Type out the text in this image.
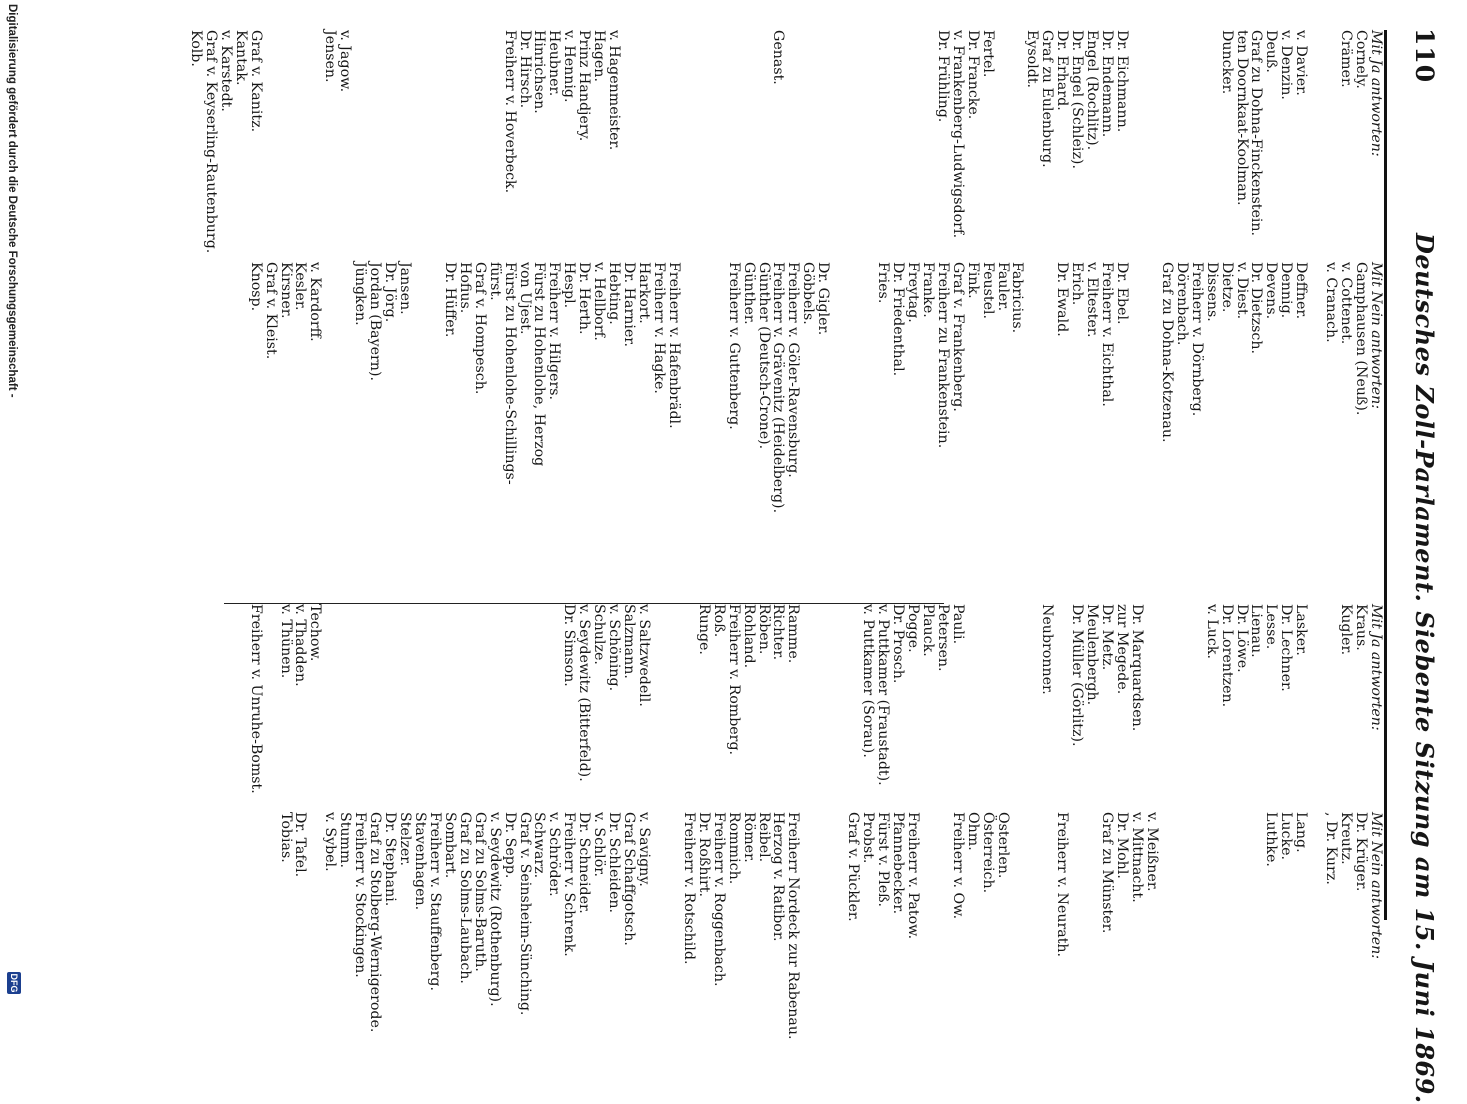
110
Deutsches Zoll-Parlament. Siebente Sitzung am 15. Juni 1869.
Mit Ja antworten:
Cornely.
Crämer.

v. Davier.
v. Denzin.
Deuß.
Graf zu Dohna-Finckenstein.
ten Doornkaat-Koolman.
Duncker.

Dr. Eichmann.
Dr. Endemann.
Engel (Rochlitz).
Dr. Engel (Schleiz).
Dr. Erhard.
Graf zu Eulenburg.
Eysoldt.

Fertel.
Dr. Francke.
v. Frankenberg-Ludwigsdorf.
Dr. Frühling.

Genast.

v. Hagenmeister.
Hagen.
Prinz Handjery.
v. Hennig.
Heubner.
Hinrichsen.
Dr. Hirsch.
Freiherr v. Hoverbeck.

v. Jagow.
Jensen.

Graf v. Kanitz.
Kantak.
v. Karstedt.
Graf v. Keyserling-Rautenburg.
Kolb.
Mit Nein antworten:
Gamphausen (Neuß).
v. Cottenet.
v. Cranach.

Deffner.
Dennig.
Devens.
Dr. Dietzsch.
v. Diest.
Dietze.
Dissens.
Freiherr v. Dörnberg.
Dörenbach.
Graf zu Dohna-Kotzenau.

Dr. Ebel.
Freiherr v. Eichthal.
v. Eltester.
Erich.
Dr. Ewald.

Fabricius.
Fauler.
Feustel.
Fink.
Graf v. Frankenberg.
Freiherr zu Frankenstein.
Franke.
Freytag.
Dr. Friedenthal.
Fries.

Dr. Gigler.
Göbbels.
Freiherr v. Göler-Ravensburg.
Freiherr v. Grävenitz (Heidelberg).
Günther (Deutsch-Crone).
Günther.
Freiherr v. Guttenberg.

Freiherr v. Hafenbrädl.
Freiherr v. Hagke.
Harkort.
Dr. Harnier.
Hebting.
v. Hellborf.
Dr. Herth.
Hespl.
Freiherr v. Hilgers.
Fürst zu Hohenlohe, Herzog
von Ujest.
Fürst zu Hohenlohe-Schillings-
fürst.
Graf v. Hompesch.
Hofius.
Dr. Hüffer.

Jansen.
Dr. Jörg.
Jordan (Bayern).
Jüngken.

v. Kardorff.
Kesler.
Kirsner.
Graf v. Kleist.
Knosp.
Mit Ja antworten:
Kraus.
Kugler.

Lasker.
Dr. Lechner.
Lesse.
Lienau.
Dr. Löwe.
Dr. Lorentzen.
v. Luck.

Dr. Marquardsen.
zur Megede.
Dr. Metz.
Meulenbergh.
Dr. Müller (Görlitz).

Neubronner.

Pauli.
Petersen.
Plauck.
Pogge.
Dr. Prosch.
v. Puttkamer (Fraustadt).
v. Puttkamer (Sorau).

Ramme.
Richter.
Röben.
Rohland.
Freiherr v. Romberg.
Roß.
Runge.

v. Saltzwedell.
Salzmann.
v. Schöning.
Schulze.
v. Seydewitz (Bitterfeld).
Dr. Simson.

Techow.
v. Thadden.
v. Thünen.

Freiherr v. Unruhe-Bomst.
Mit Nein antworten:
Dr. Krüger.
Kreutz.
, Dr. Kurz.

Lang.
Lucke.
Luthke.

v. Meißner.
v. Mittnacht.
Dr. Mohl.
Graf zu Münster.

Freiherr v. Neurath.

Osterlen.
Österreich.
Ohm.
Freiherr v. Ow.

Freiherr v. Patow.
Pfannebecker.
Fürst v. Pleß.
Probst.
Graf v. Pückler.

Freiherr Nordeck zur Rabenau.
Herzog v. Ratibor.
Reibel.
Römer.
Rommich.
Freiherr v. Roggenbach.
Dr. Roßhirt.
Freiherr v. Rotschild.

v. Savigny.
Graf Schaffgotsch.
Dr. Schleiden.
v. Schlör.
Dr. Schneider.
Freiherr v. Schrenk.
v. Schröder.
Schwarz.
Graf v. Seinsheim-Sünching.
Dr. Sepp.
v. Seydewitz (Rothenburg).
Graf zu Solms-Baruth.
Graf zu Solms-Laubach.
Sombart.
Freiherr v. Stauffenberg.
Stavenhagen.
Stelzer.
Dr. Stephani.
Graf zu Stolberg-Wernigerode.
Freiherr v. Stockingen.
Stumm.
v. Sybel.

Dr. Tafel.
Tobias.
Digitalisierung gefördert durch die Deutsche Forschungsgemeinschaft -
DFG
